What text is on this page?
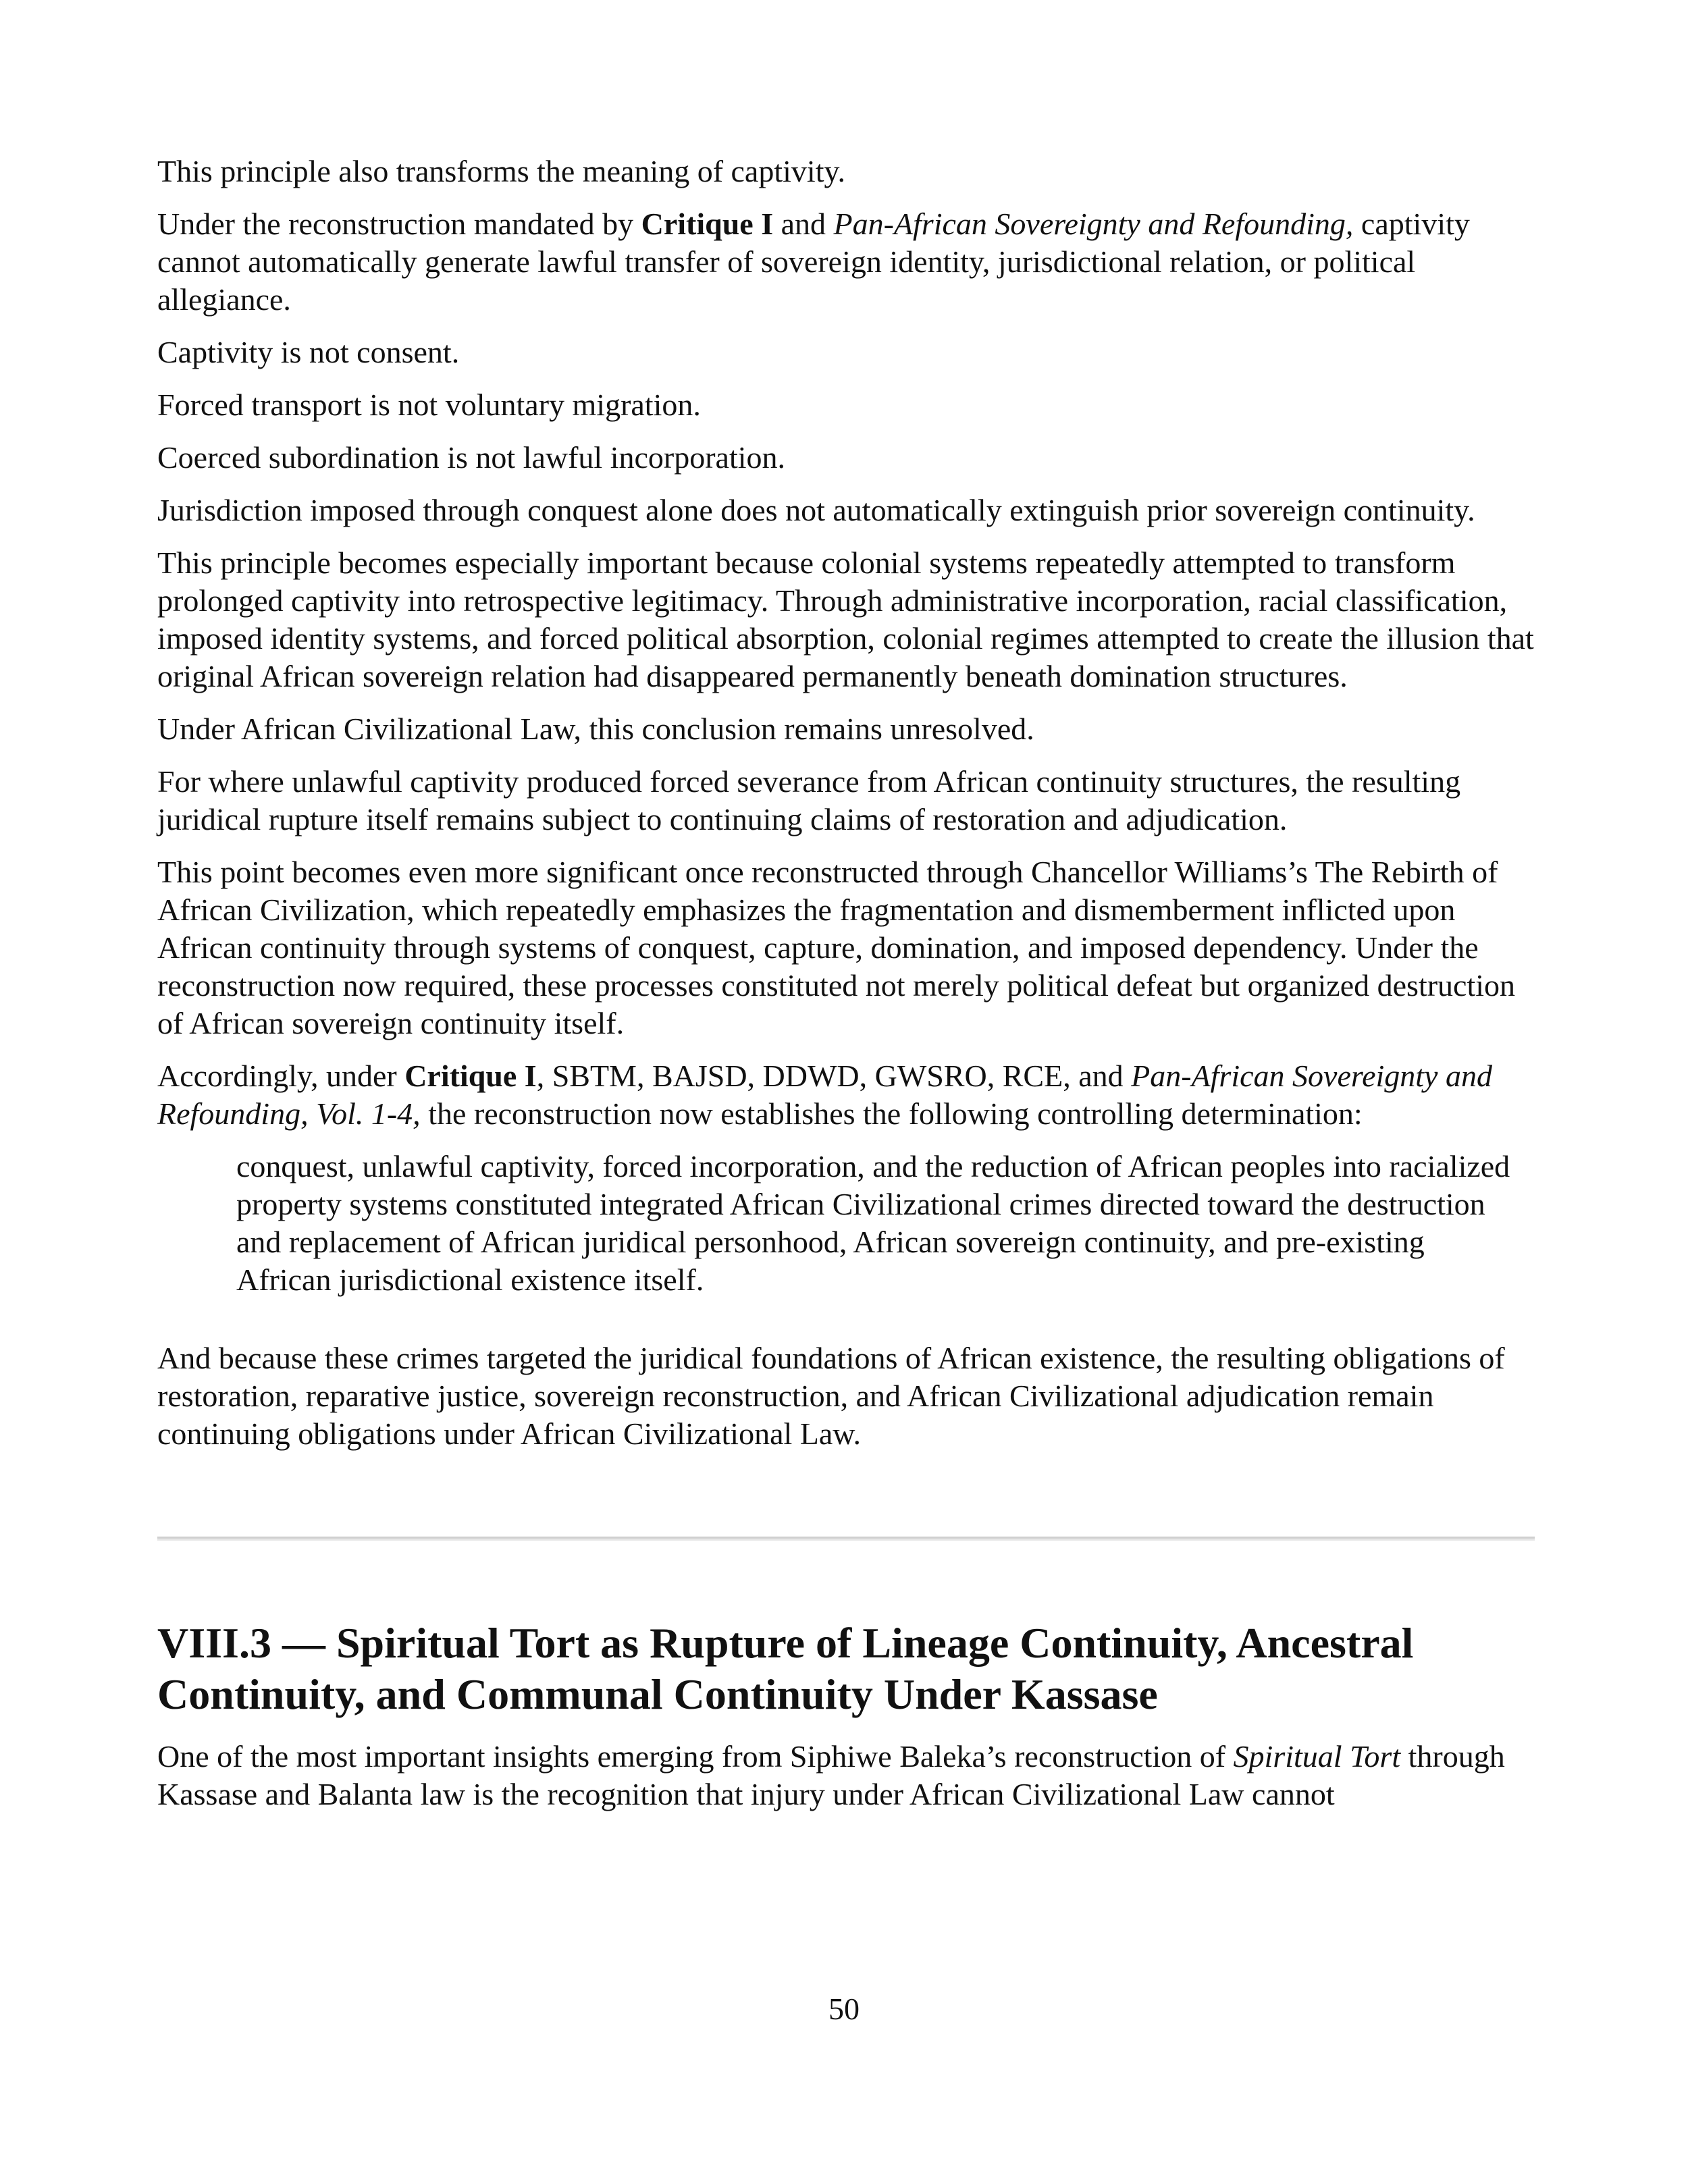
This principle also transforms the meaning of captivity.

Under the reconstruction mandated by Critique I and Pan-African Sovereignty and Refounding, captivity cannot automatically generate lawful transfer of sovereign identity, jurisdictional relation, or political allegiance.

Captivity is not consent.

Forced transport is not voluntary migration.

Coerced subordination is not lawful incorporation.

Jurisdiction imposed through conquest alone does not automatically extinguish prior sovereign continuity.

This principle becomes especially important because colonial systems repeatedly attempted to transform prolonged captivity into retrospective legitimacy. Through administrative incorporation, racial classification, imposed identity systems, and forced political absorption, colonial regimes attempted to create the illusion that original African sovereign relation had disappeared permanently beneath domination structures.

Under African Civilizational Law, this conclusion remains unresolved.

For where unlawful captivity produced forced severance from African continuity structures, the resulting juridical rupture itself remains subject to continuing claims of restoration and adjudication.

This point becomes even more significant once reconstructed through Chancellor Williams’s The Rebirth of African Civilization, which repeatedly emphasizes the fragmentation and dismemberment inflicted upon African continuity through systems of conquest, capture, domination, and imposed dependency. Under the reconstruction now required, these processes constituted not merely political defeat but organized destruction of African sovereign continuity itself.

Accordingly, under Critique I, SBTM, BAJSD, DDWD, GWSRO, RCE, and Pan-African Sovereignty and Refounding, Vol. 1-4, the reconstruction now establishes the following controlling determination:

conquest, unlawful captivity, forced incorporation, and the reduction of African peoples into racialized property systems constituted integrated African Civilizational crimes directed toward the destruction and replacement of African juridical personhood, African sovereign continuity, and pre-existing African jurisdictional existence itself.

And because these crimes targeted the juridical foundations of African existence, the resulting obligations of restoration, reparative justice, sovereign reconstruction, and African Civilizational adjudication remain continuing obligations under African Civilizational Law.

VIII.3 — Spiritual Tort as Rupture of Lineage Continuity, Ancestral Continuity, and Communal Continuity Under Kassase

One of the most important insights emerging from Siphiwe Baleka’s reconstruction of Spiritual Tort through Kassase and Balanta law is the recognition that injury under African Civilizational Law cannot

50
